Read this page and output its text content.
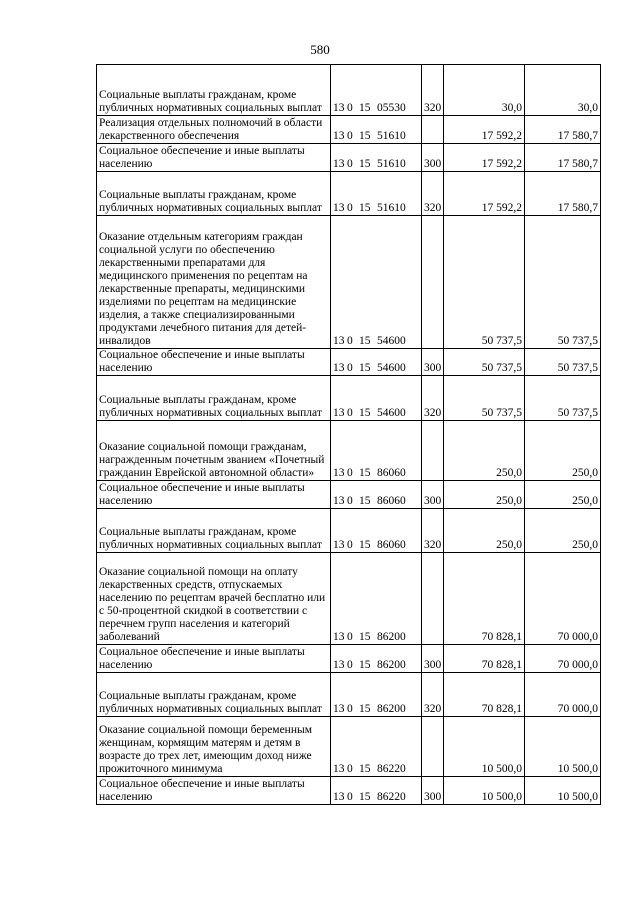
580
Социальные выплаты гражданам, кроме публичных нормативных социальных выплат	13 0 15 05530	320	30,0	30,0
Реализация отдельных полномочий в области лекарственного обеспечения	13 0 15 51610		17 592,2	17 580,7
Социальное обеспечение и иные выплаты населению	13 0 15 51610	300	17 592,2	17 580,7
Социальные выплаты гражданам, кроме публичных нормативных социальных выплат	13 0 15 51610	320	17 592,2	17 580,7
Оказание отдельным категориям граждан социальной услуги по обеспечению лекарственными препаратами для медицинского применения по рецептам на лекарственные препараты, медицинскими изделиями по рецептам на медицинские изделия, а также специализированными продуктами лечебного питания для детей-инвалидов	13 0 15 54600		50 737,5	50 737,5
Социальное обеспечение и иные выплаты населению	13 0 15 54600	300	50 737,5	50 737,5
Социальные выплаты гражданам, кроме публичных нормативных социальных выплат	13 0 15 54600	320	50 737,5	50 737,5
Оказание социальной помощи гражданам, награжденным почетным званием «Почетный гражданин Еврейской автономной области»	13 0 15 86060		250,0	250,0
Социальное обеспечение и иные выплаты населению	13 0 15 86060	300	250,0	250,0
Социальные выплаты гражданам, кроме публичных нормативных социальных выплат	13 0 15 86060	320	250,0	250,0
Оказание социальной помощи на оплату лекарственных средств, отпускаемых населению по рецептам врачей бесплатно или с 50-процентной скидкой в соответствии с перечнем групп населения и категорий заболеваний	13 0 15 86200		70 828,1	70 000,0
Социальное обеспечение и иные выплаты населению	13 0 15 86200	300	70 828,1	70 000,0
Социальные выплаты гражданам, кроме публичных нормативных социальных выплат	13 0 15 86200	320	70 828,1	70 000,0
Оказание социальной помощи беременным женщинам, кормящим матерям и детям в возрасте до трех лет, имеющим доход ниже прожиточного минимума	13 0 15 86220		10 500,0	10 500,0
Социальное обеспечение и иные выплаты населению	13 0 15 86220	300	10 500,0	10 500,0
